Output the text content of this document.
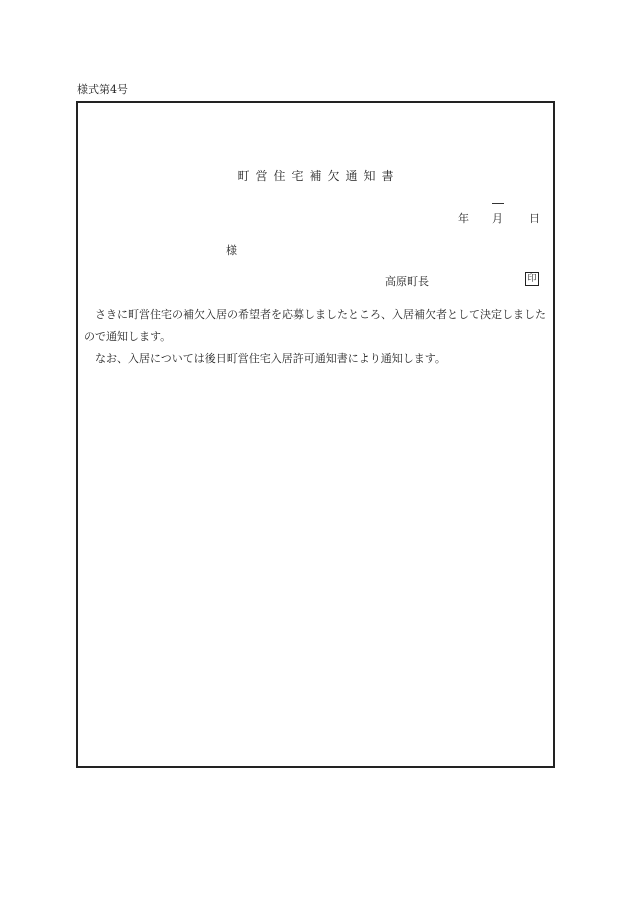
様式第4号
町営住宅補欠通知書
年 月 日
様
高原町長	印

さきに町営住宅の補欠入居の希望者を応募しましたところ、入居補欠者として決定しましたので通知します。

なお、入居については後日町営住宅入居許可通知書により通知します。
